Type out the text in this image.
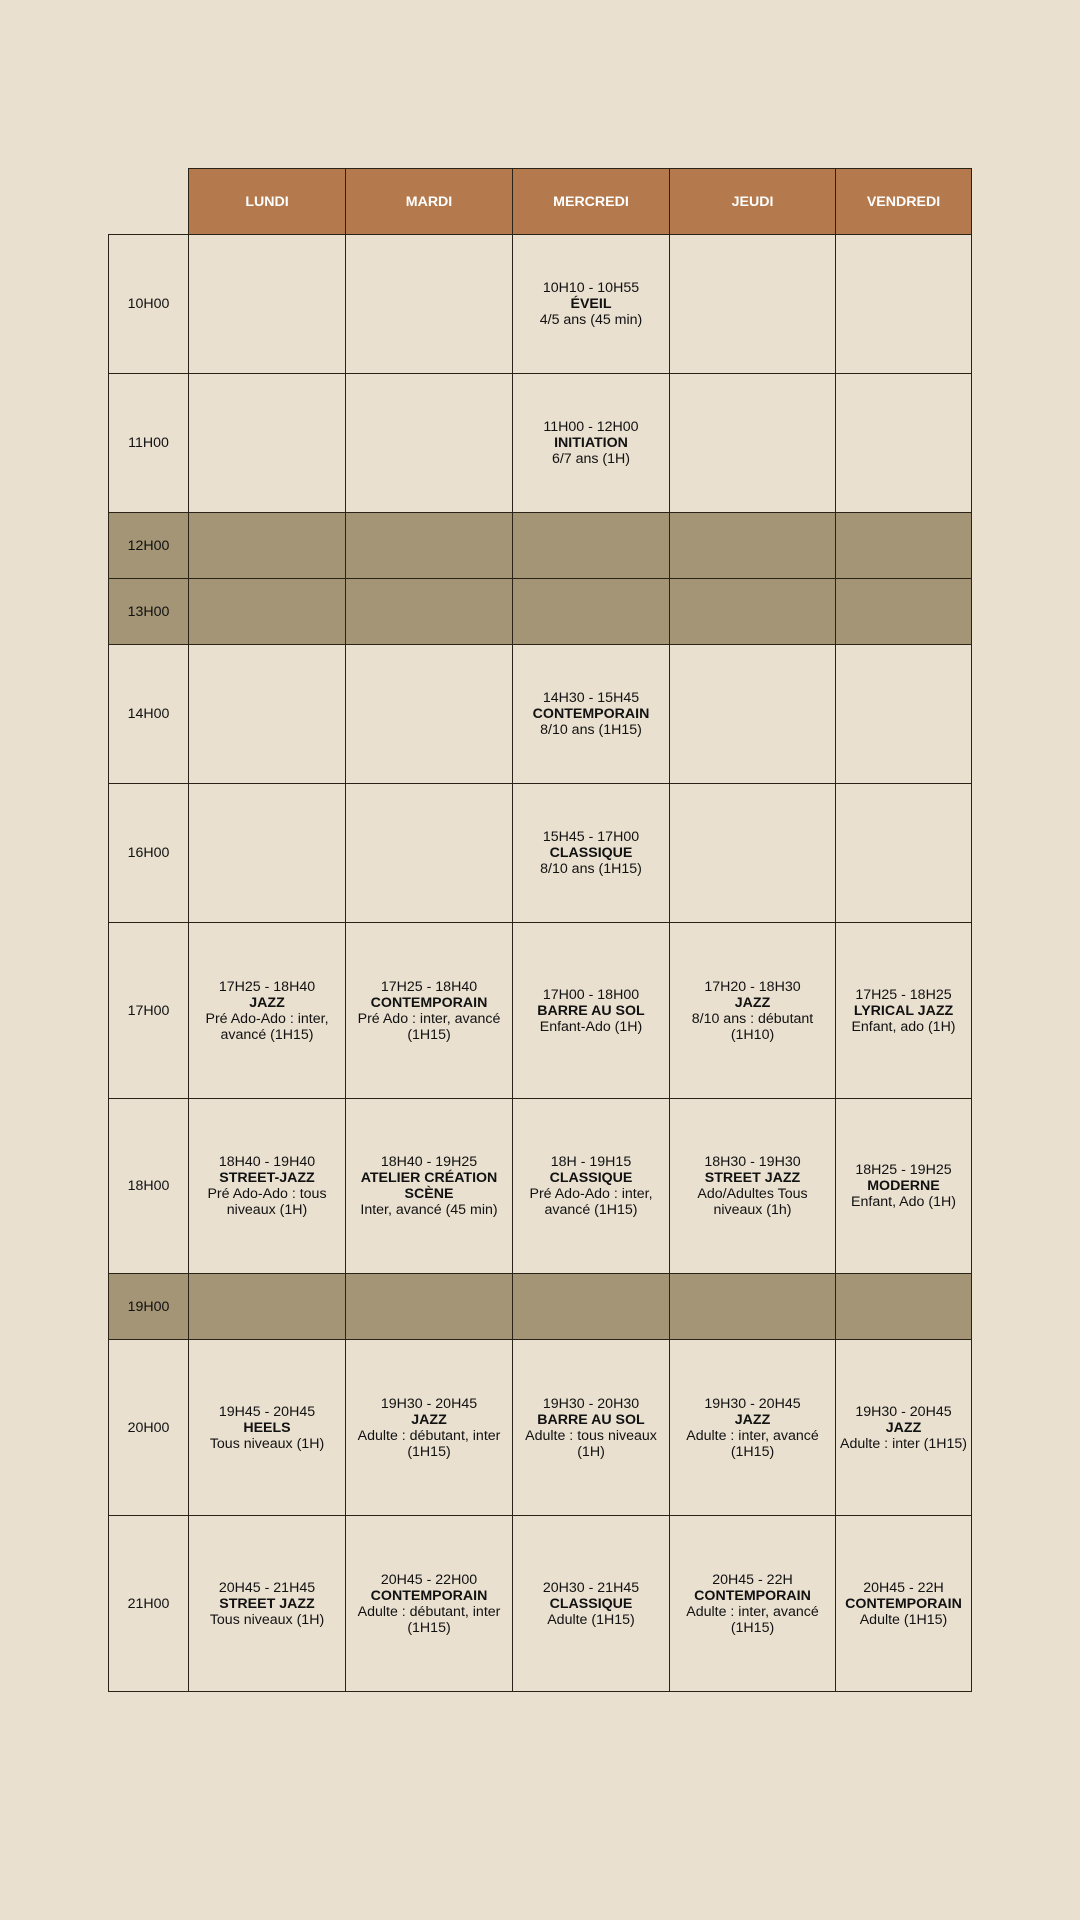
	LUNDI	MARDI	MERCREDI	JEUDI	VENDREDI
10H00			10H10 - 10H55
ÉVEIL
4/5 ans (45 min)		

11H00			11H00 - 12H00
INITIATION
6/7 ans (1H)		

12H00					
13H00					
14H00			14H30 - 15H45
CONTEMPORAIN
8/10 ans (1H15)		

16H00			15H45 - 17H00
CLASSIQUE
8/10 ans (1H15)		

17H00	17H25 - 18H40
JAZZ
Pré Ado-Ado : inter, avancé (1H15)	17H25 - 18H40
CONTEMPORAIN
Pré Ado : inter, avancé (1H15)	17H00 - 18H00
BARRE AU SOL
Enfant-Ado (1H)	17H20 - 18H30
JAZZ
8/10 ans : débutant (1H10)	17H25 - 18H25
LYRICAL JAZZ
Enfant, ado (1H)

18H00	18H40 - 19H40
STREET-JAZZ
Pré Ado-Ado : tous niveaux (1H)	18H40 - 19H25
ATELIER CRÉATION SCÈNE
Inter, avancé (45 min)	18H - 19H15
CLASSIQUE
Pré Ado-Ado : inter, avancé (1H15)	18H30 - 19H30
STREET JAZZ
Ado/Adultes Tous niveaux (1h)	18H25 - 19H25
MODERNE
Enfant, Ado (1H)

19H00					
20H00	19H45 - 20H45
HEELS
Tous niveaux (1H)	19H30 - 20H45
JAZZ
Adulte : débutant, inter (1H15)	19H30 - 20H30
BARRE AU SOL
Adulte : tous niveaux (1H)	19H30 - 20H45
JAZZ
Adulte : inter, avancé (1H15)	19H30 - 20H45
JAZZ
Adulte : inter (1H15)

21H00	20H45 - 21H45
STREET JAZZ
Tous niveaux (1H)	20H45 - 22H00
CONTEMPORAIN
Adulte : débutant, inter (1H15)	20H30 - 21H45
CLASSIQUE
Adulte (1H15)	20H45 - 22H
CONTEMPORAIN
Adulte : inter, avancé (1H15)	20H45 - 22H
CONTEMPORAIN
Adulte (1H15)
